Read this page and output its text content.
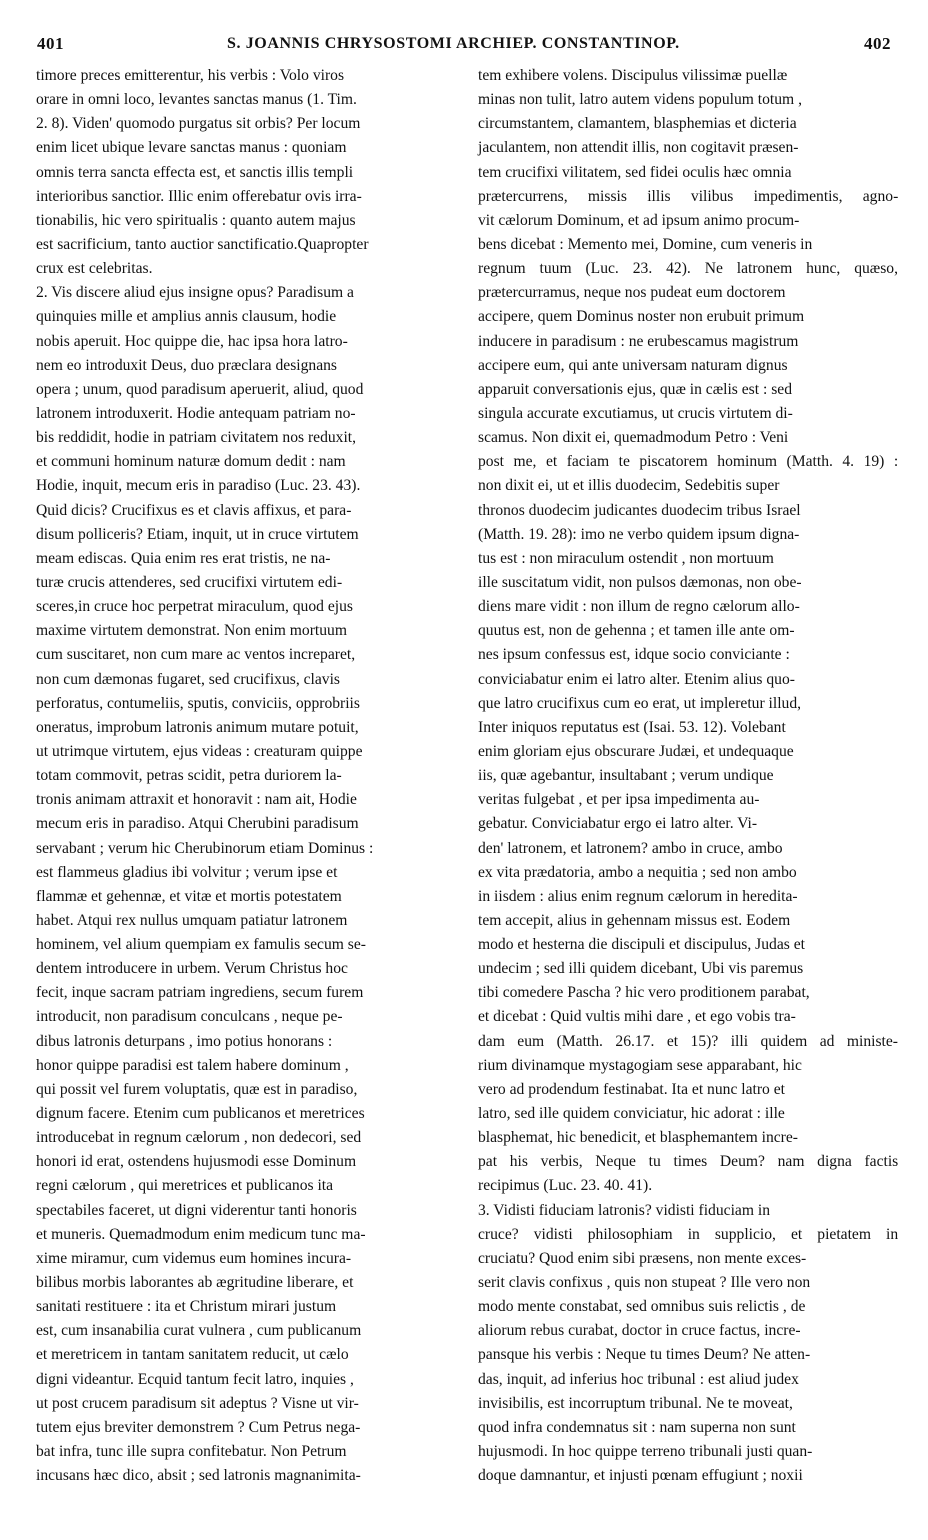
401	S. JOANNIS CHRYSOSTOMI ARCHIEP. CONSTANTINOP.	402
timore preces emitterentur, his verbis : Volo viros
orare in omni loco, levantes sanctas manus (1. Tim.
2. 8). Viden' quomodo purgatus sit orbis? Per locum
enim licet ubique levare sanctas manus : quoniam
omnis terra sancta effecta est, et sanctis illis templi
interioribus sanctior. Illic enim offerebatur ovis irra-
tionabilis, hic vero spiritualis : quanto autem majus
est sacrificium, tanto auctior sanctificatio.Quapropter
crux est celebritas.
2. Vis discere aliud ejus insigne opus? Paradisum a
quinquies mille et amplius annis clausum, hodie
nobis aperuit. Hoc quippe die, hac ipsa hora latro-
nem eo introduxit Deus, duo præclara designans
opera ; unum, quod paradisum aperuerit, aliud, quod
latronem introduxerit. Hodie antequam patriam no-
bis reddidit, hodie in patriam civitatem nos reduxit,
et communi hominum naturæ domum dedit : nam
Hodie, inquit, mecum eris in paradiso (Luc. 23. 43).
Quid dicis? Crucifixus es et clavis affixus, et para-
disum polliceris? Etiam, inquit, ut in cruce virtutem
meam ediscas. Quia enim res erat tristis, ne na-
turæ crucis attenderes, sed crucifixi virtutem edi-
sceres,in cruce hoc perpetrat miraculum, quod ejus
maxime virtutem demonstrat. Non enim mortuum
cum suscitaret, non cum mare ac ventos increparet,
non cum dæmonas fugaret, sed crucifixus, clavis
perforatus, contumeliis, sputis, conviciis, opprobriis
oneratus, improbum latronis animum mutare potuit,
ut utrimque virtutem, ejus videas : creaturam quippe
totam commovit, petras scidit, petra duriorem la-
tronis animam attraxit et honoravit : nam ait, Hodie
mecum eris in paradiso. Atqui Cherubini paradisum
servabant ; verum hic Cherubinorum etiam Dominus :
est flammeus gladius ibi volvitur ; verum ipse et
flammæ et gehennæ, et vitæ et mortis potestatem
habet. Atqui rex nullus umquam patiatur latronem
hominem, vel alium quempiam ex famulis secum se-
dentem introducere in urbem. Verum Christus hoc
fecit, inque sacram patriam ingrediens, secum furem
introducit, non paradisum conculcans , neque pe-
dibus latronis deturpans , imo potius honorans :
honor quippe paradisi est talem habere dominum ,
qui possit vel furem voluptatis, quæ est in paradiso,
dignum facere. Etenim cum publicanos et meretrices
introducebat in regnum cælorum , non dedecori, sed
honori id erat, ostendens hujusmodi esse Dominum
regni cælorum , qui meretrices et publicanos ita
spectabiles faceret, ut digni viderentur tanti honoris
et muneris. Quemadmodum enim medicum tunc ma-
xime miramur, cum videmus eum homines incura-
bilibus morbis laborantes ab ægritudine liberare, et
sanitati restituere : ita et Christum mirari justum
est, cum insanabilia curat vulnera , cum publicanum
et meretricem in tantam sanitatem reducit, ut cælo
digni videantur. Ecquid tantum fecit latro, inquies ,
ut post crucem paradisum sit adeptus ? Visne ut vir-
tutem ejus breviter demonstrem ? Cum Petrus nega-
bat infra, tunc ille supra confitebatur. Non Petrum
incusans hæc dico, absit ; sed latronis magnanimita-
tem exhibere volens. Discipulus vilissimæ puellæ
minas non tulit, latro autem videns populum totum ,
circumstantem, clamantem, blasphemias et dicteria
jaculantem, non attendit illis, non cogitavit præsen-
tem crucifixi vilitatem, sed fidei oculis hæc omnia
prætercurrens, missis illis vilibus impedimentis, agno-
vit cælorum Dominum, et ad ipsum animo procum-
bens dicebat : Memento mei, Domine, cum veneris in
regnum tuum (Luc. 23. 42). Ne latronem hunc, quæso,
prætercurramus, neque nos pudeat eum doctorem
accipere, quem Dominus noster non erubuit primum
inducere in paradisum : ne erubescamus magistrum
accipere eum, qui ante universam naturam dignus
apparuit conversationis ejus, quæ in cælis est : sed
singula accurate excutiamus, ut crucis virtutem di-
scamus. Non dixit ei, quemadmodum Petro : Veni
post me, et faciam te piscatorem hominum (Matth. 4. 19) :
non dixit ei, ut et illis duodecim, Sedebitis super
thronos duodecim judicantes duodecim tribus Israel
(Matth. 19. 28): imo ne verbo quidem ipsum digna-
tus est : non miraculum ostendit , non mortuum
ille suscitatum vidit, non pulsos dæmonas, non obe-
diens mare vidit : non illum de regno cælorum allo-
quutus est, non de gehenna ; et tamen ille ante om-
nes ipsum confessus est, idque socio conviciante :
conviciabatur enim ei latro alter. Etenim alius quo-
que latro crucifixus cum eo erat, ut impleretur illud,
Inter iniquos reputatus est (Isai. 53. 12). Volebant
enim gloriam ejus obscurare Judæi, et undequaque
iis, quæ agebantur, insultabant ; verum undique
veritas fulgebat , et per ipsa impedimenta au-
gebatur. Conviciabatur ergo ei latro alter. Vi-
den' latronem, et latronem? ambo in cruce, ambo
ex vita prædatoria, ambo a nequitia ; sed non ambo
in iisdem : alius enim regnum cælorum in heredita-
tem accepit, alius in gehennam missus est. Eodem
modo et hesterna die discipuli et discipulus, Judas et
undecim ; sed illi quidem dicebant, Ubi vis paremus
tibi comedere Pascha ? hic vero proditionem parabat,
et dicebat : Quid vultis mihi dare , et ego vobis tra-
dam eum (Matth. 26.17. et 15)? illi quidem ad ministe-
rium divinamque mystagogiam sese apparabant, hic
vero ad prodendum festinabat. Ita et nunc latro et
latro, sed ille quidem conviciatur, hic adorat : ille
blasphemat, hic benedicit, et blasphemantem incre-
pat his verbis, Neque tu times Deum? nam digna factis
recipimus (Luc. 23. 40. 41).
3. Vidisti fiduciam latronis? vidisti fiduciam in
cruce? vidisti philosophiam in supplicio, et pietatem in
cruciatu? Quod enim sibi præsens, non mente exces-
serit clavis confixus , quis non stupeat ? Ille vero non
modo mente constabat, sed omnibus suis relictis , de
aliorum rebus curabat, doctor in cruce factus, incre-
pansque his verbis : Neque tu times Deum? Ne atten-
das, inquit, ad inferius hoc tribunal : est aliud judex
invisibilis, est incorruptum tribunal. Ne te moveat,
quod infra condemnatus sit : nam superna non sunt
hujusmodi. In hoc quippe terreno tribunali justi quan-
doque damnantur, et injusti pœnam effugiunt ; noxii
